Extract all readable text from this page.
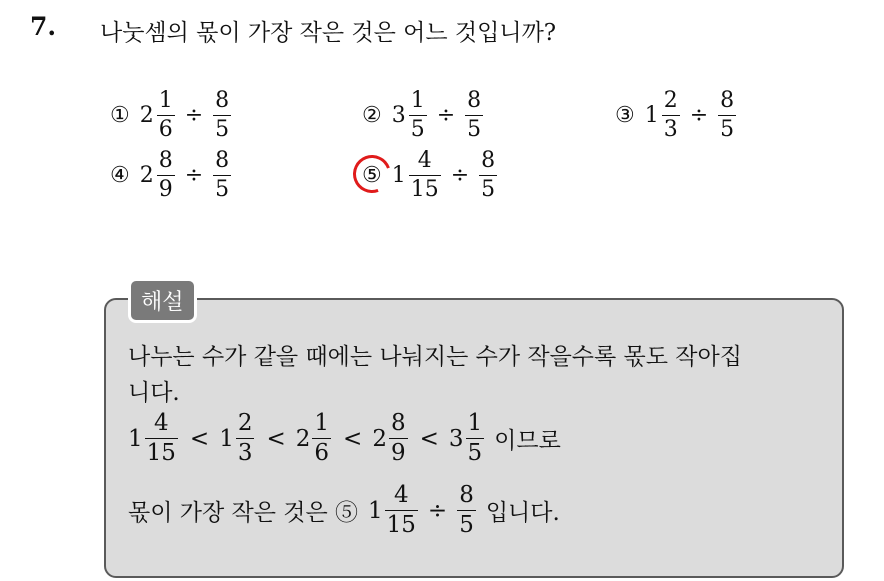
7. 나눗셈의 몫이 가장 작은 것은 어느 것입니까?
① $2 \frac{1}{6} \div \frac{8}{5}$	② $3 \frac{1}{5} \div \frac{8}{5}$	③ $1 \frac{2}{3} \div \frac{8}{5}$
④ $2 \frac{8}{9} \div \frac{8}{5}$	⑤ $1 \frac{4}{15} \div \frac{8}{5}$
해설
나누는 수가 같을 때에는 나눠지는 수가 작을수록 몫도 작아집
니다.
$1 \frac{4}{15} < 1 \frac{2}{3} < 2 \frac{1}{6} < 2 \frac{8}{9} < 3 \frac{1}{5}$ 이므로
몫이 가장 작은 것은 ⑤ $1 \frac{4}{15} \div \frac{8}{5}$ 입니다.
